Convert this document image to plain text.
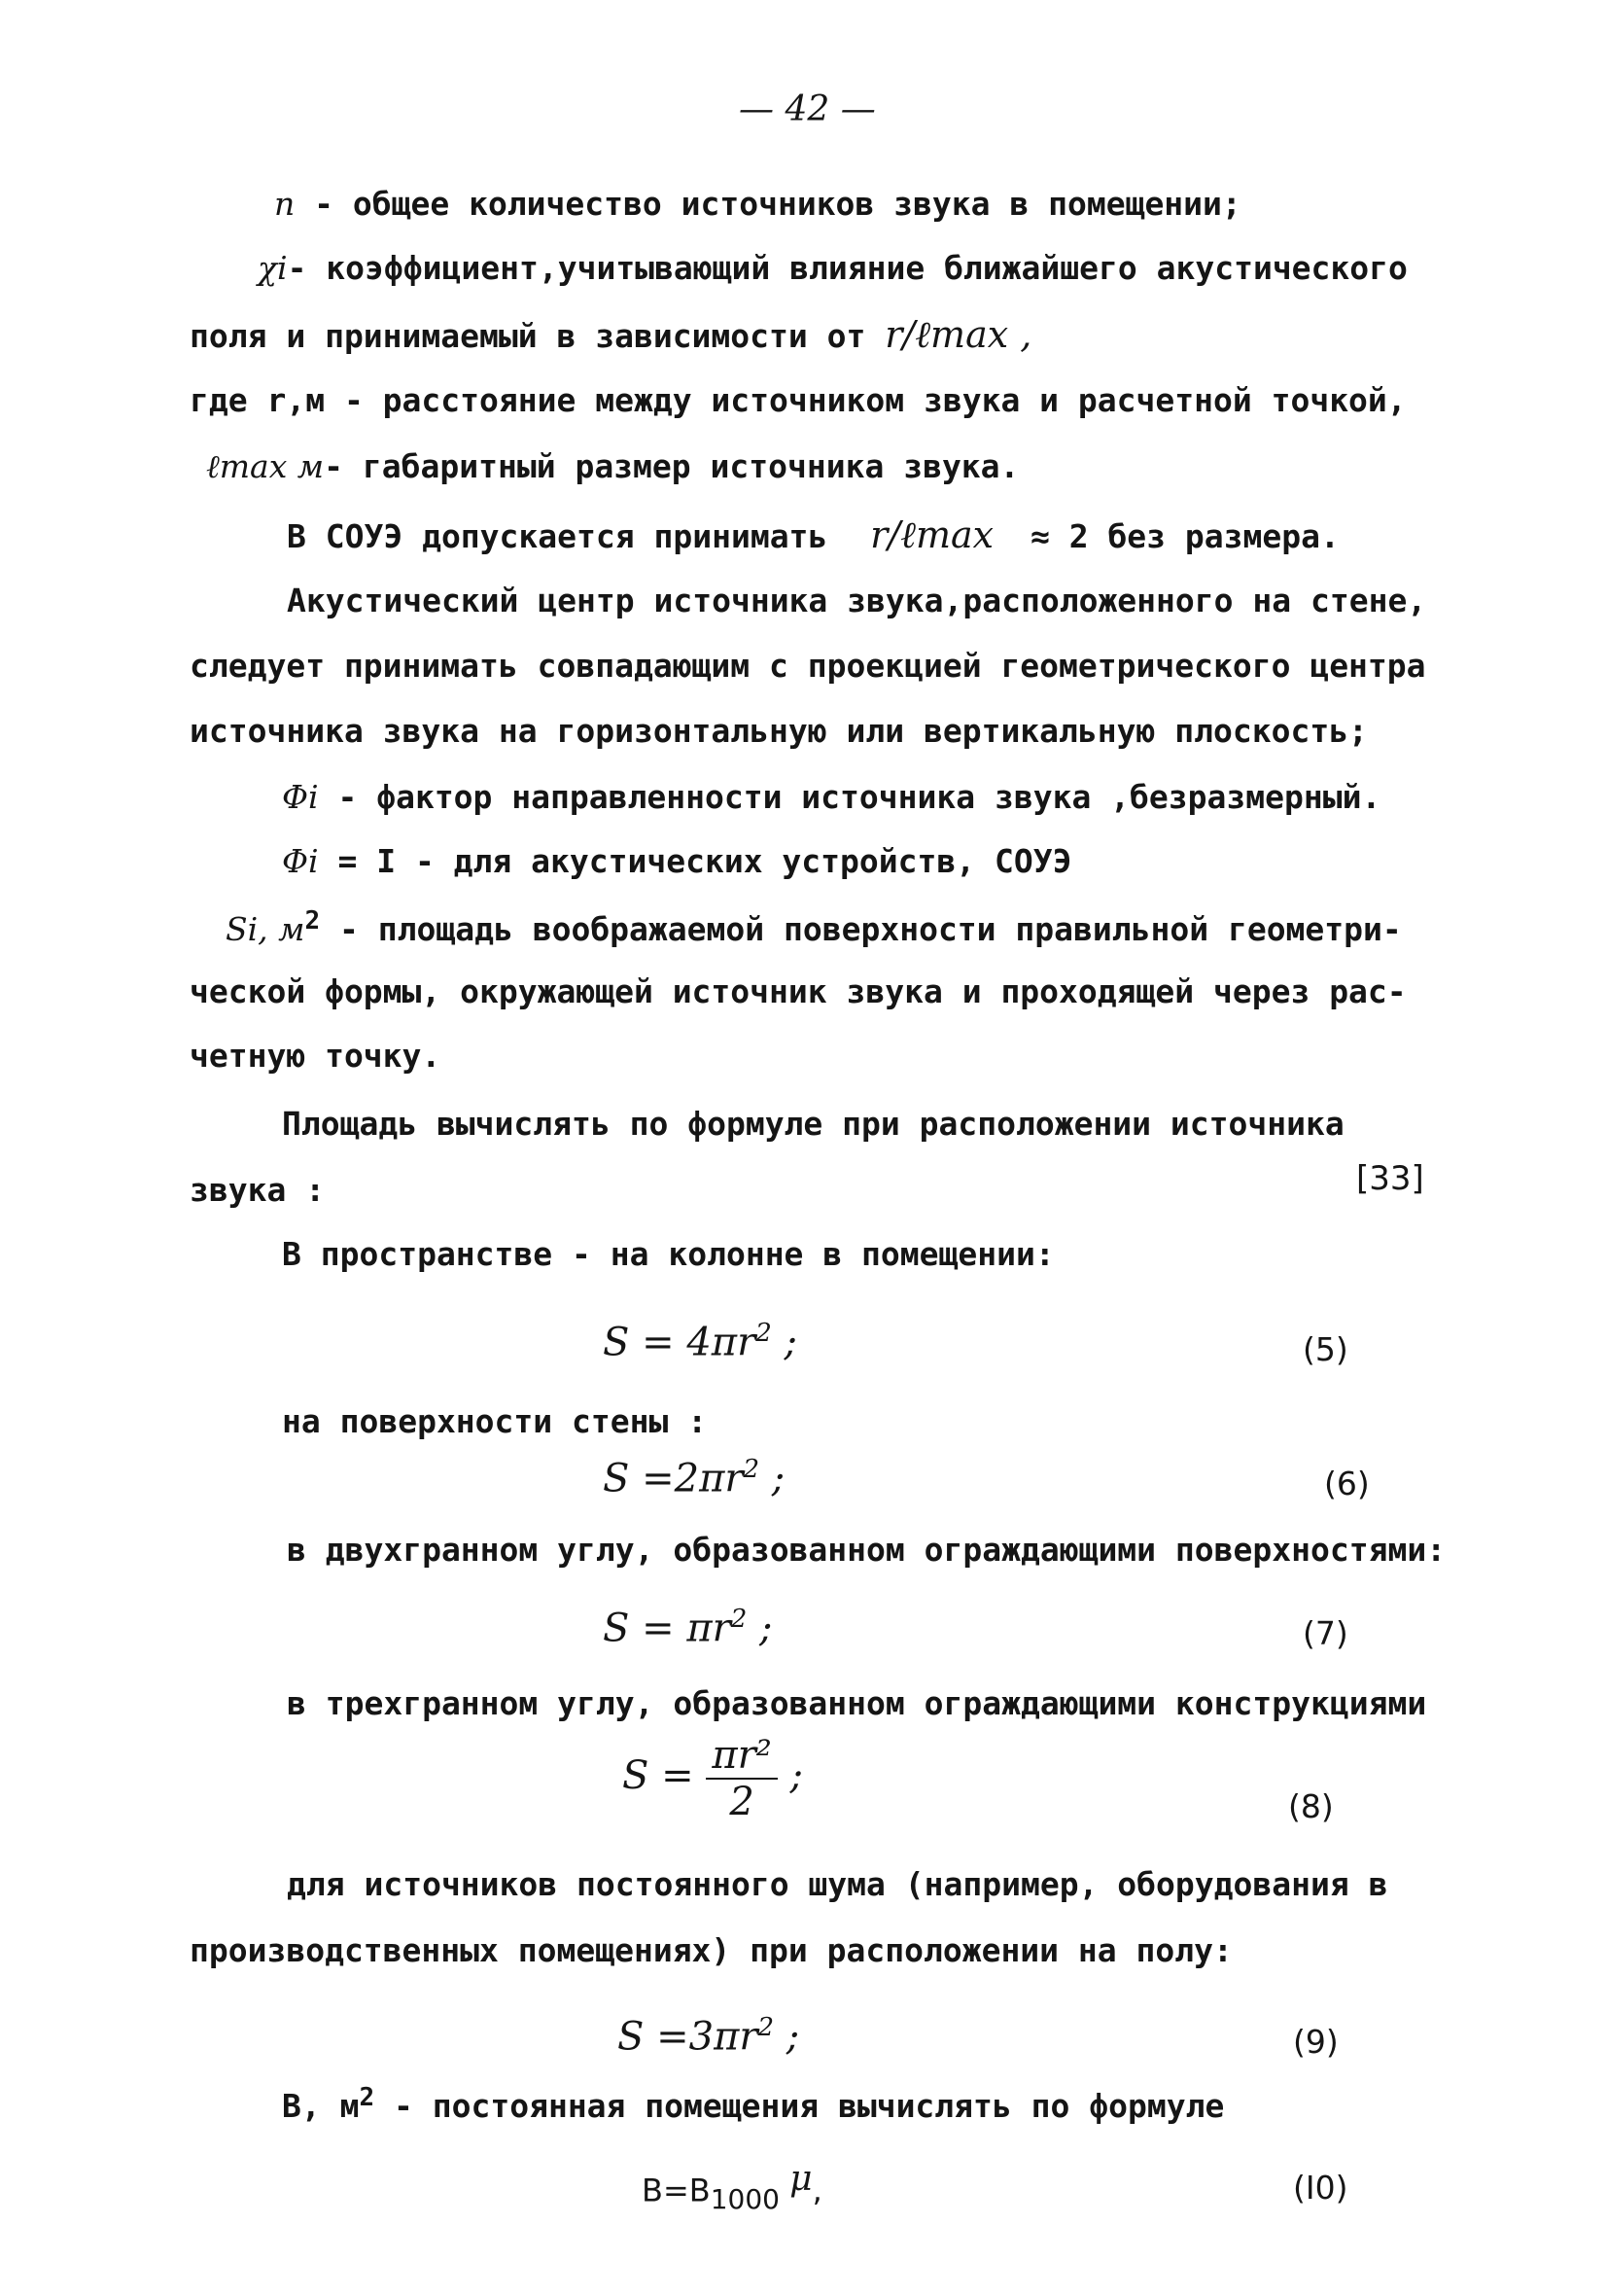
— 42 —
n - общее количество источников звука в помещении;
χi- коэффициент,учитывающий влияние ближайшего акустического
поля и принимаемый в зависимости от r/ℓmax ,
где r,м - расстояние между источником звука и расчетной точкой,
ℓmax м- габаритный размер источника звука.
В СОУЭ допускается принимать r/ℓmax ≈ 2 без размера.
Акустический центр источника звука,расположенного на стене,
следует принимать совпадающим с проекцией геометрического центра
источника звука на горизонтальную или вертикальную плоскость;
Φi - фактор направленности источника звука ,безразмерный.
Φi = I - для акустических устройств, СОУЭ
Si, $м^2$ - площадь воображаемой поверхности правильной геометри-
ческой формы, окружающей источник звука и проходящей через рас-
четную точку.
Площадь вычислять по формуле при расположении источника
звука :	[33]
В пространстве - на колонне в помещении:
$S = 4\pi r^2$ ;	(5)
на поверхности стены :
$S =2\pi r^2$ ;	(6)
в двухгранном углу, образованном ограждающими поверхностями:
$S = \pi r^2$ ;	(7)
в трехгранном углу, образованном ограждающими конструкциями
$S = \frac{\text{πr²}}{2}$ ;
(8)
для источников постоянного шума (например, оборудования в
производственных помещениях) при расположении на полу:
$S =3\pi r^2$ ;	(9)
В, $м^2$ - постоянная помещения вычислять по формуле
B=B1000 μ,	(I0)
